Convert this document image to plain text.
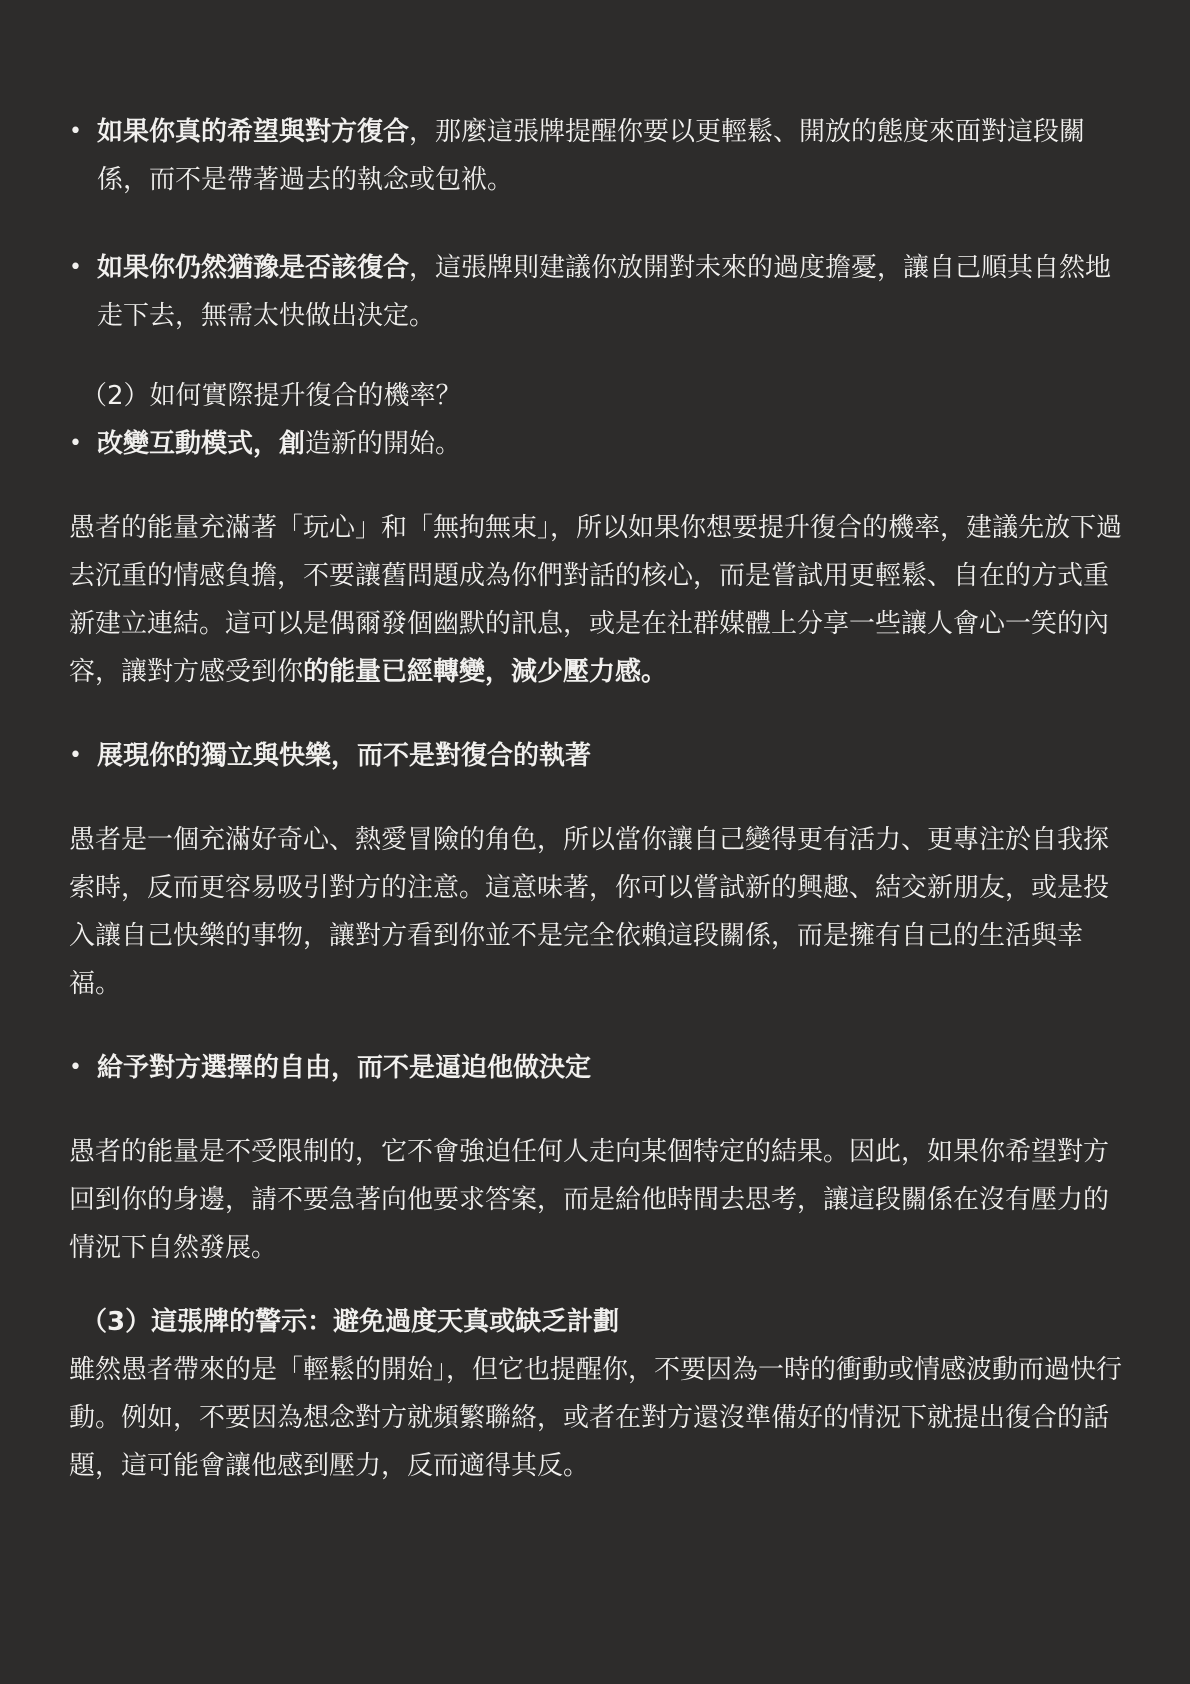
• 如果你真的希望與對方復合，那麼這張牌提醒你要以更輕鬆、開放的態度來面對這段關係，而不是帶著過去的執念或包袱。
• 如果你仍然猶豫是否該復合，這張牌則建議你放開對未來的過度擔憂，讓自己順其自然地走下去，無需太快做出決定。
（2）如何實際提升復合的機率？
• 改變互動模式，創造新的開始。

愚者的能量充滿著「玩心」和「無拘無束」，所以如果你想要提升復合的機率，建議先放下過去沉重的情感負擔，不要讓舊問題成為你們對話的核心，而是嘗試用更輕鬆、自在的方式重新建立連結。這可以是偶爾發個幽默的訊息，或是在社群媒體上分享一些讓人會心一笑的內容，讓對方感受到你的能量已經轉變，減少壓力感。

• 展現你的獨立與快樂，而不是對復合的執著

愚者是一個充滿好奇心、熱愛冒險的角色，所以當你讓自己變得更有活力、更專注於自我探索時，反而更容易吸引對方的注意。這意味著，你可以嘗試新的興趣、結交新朋友，或是投入讓自己快樂的事物，讓對方看到你並不是完全依賴這段關係，而是擁有自己的生活與幸福。

• 給予對方選擇的自由，而不是逼迫他做決定

愚者的能量是不受限制的，它不會強迫任何人走向某個特定的結果。因此，如果你希望對方回到你的身邊，請不要急著向他要求答案，而是給他時間去思考，讓這段關係在沒有壓力的情況下自然發展。

（3）這張牌的警示：避免過度天真或缺乏計劃

雖然愚者帶來的是「輕鬆的開始」，但它也提醒你，不要因為一時的衝動或情感波動而過快行動。例如，不要因為想念對方就頻繁聯絡，或者在對方還沒準備好的情況下就提出復合的話題，這可能會讓他感到壓力，反而適得其反。
